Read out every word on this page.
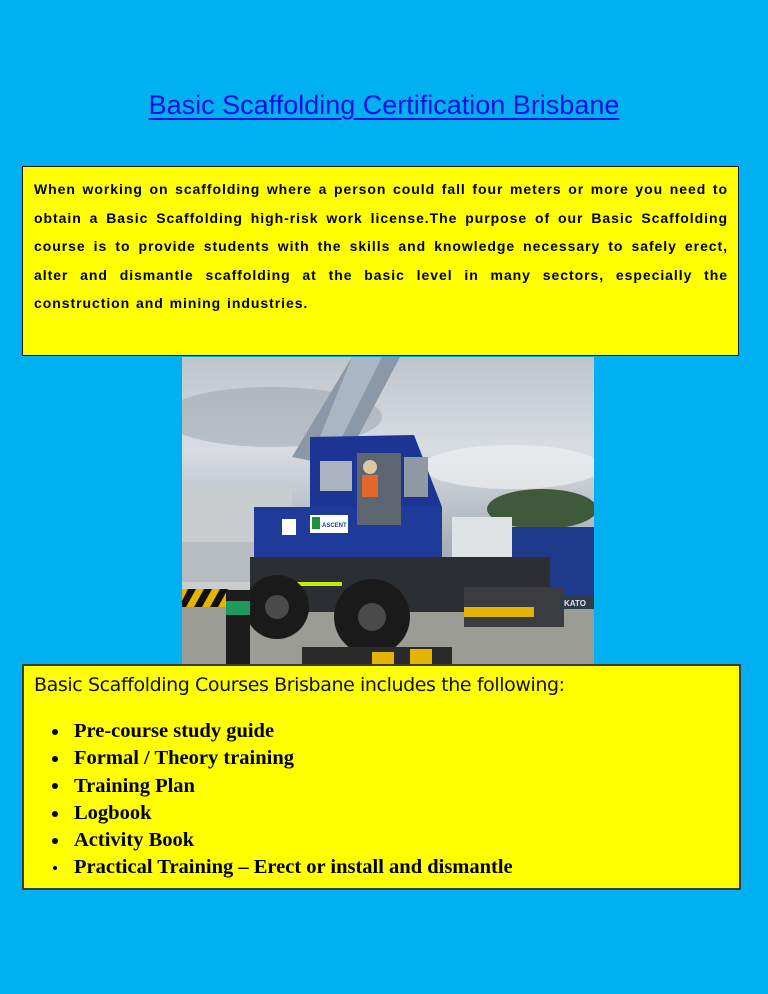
Basic Scaffolding Certification Brisbane

When working on scaffolding where a person could fall four meters or more you need to obtain a Basic Scaffolding high-risk work license.The purpose of our Basic Scaffolding course is to provide students with the skills and knowledge necessary to safely erect, alter and dismantle scaffolding at the basic level in many sectors, especially the construction and mining industries.

ASCENT
KATO
Basic Scaffolding Courses Brisbane includes the following:
Pre-course study guide
Formal / Theory training
Training Plan
Logbook
Activity Book
Practical Training – Erect or install and dismantle
